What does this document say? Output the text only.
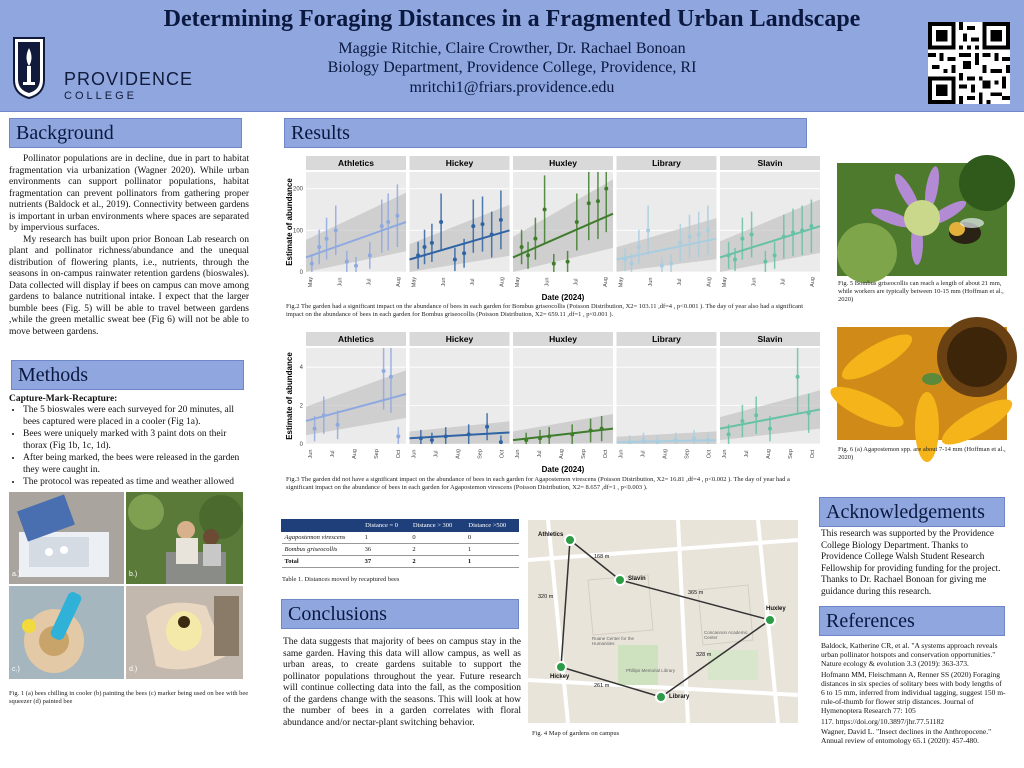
Determining Foraging Distances in a Fragmented Urban Landscape
Maggie Ritchie, Claire Crowther, Dr. Rachael Bonoan
Biology Department, Providence College, Providence, RI
mritchi1@friars.providence.edu
PROVIDENCE
COLLEGE
Background

Pollinator populations are in decline, due in part to habitat fragmentation via urbanization (Wagner 2020). While urban environments can support pollinator populations, habitat fragmentation can prevent pollinators from gathering proper nutrients (Baldock et al., 2019). Connectivity between gardens is important in urban environments where spaces are separated by impervious surfaces.

My research has built upon prior Bonoan Lab research on plant and pollinator richness/abundance and the unequal distribution of flowering plants, i.e., nutrients, through the seasons in on-campus rainwater retention gardens (bioswales). Data collected will display if bees on campus can move among gardens to balance nutritional intake. I expect that the larger bumble bees (Fig. 5) will be able to travel between gardens ,while the green metallic sweat bee (Fig 6) will not be able to move between gardens.

Methods
Capture-Mark-Recapture:
• The 5 bioswales were each surveyed for 20 minutes, all bees captured were placed in a cooler (Fig 1a).
• Bees were uniquely marked with 3 paint dots on their thorax (Fig 1b, 1c, 1d).
• After being marked, the bees were released in the garden they were caught in.
• The protocol was repeated as time and weather allowed
a.)	b.)
c.)	d.)
Fig. 1 (a) bees chilling in cooler (b) painting the bees (c) marker being used on bee with bee squeezer (d) painted bee
Results
Estimate of abundance
0
100
200
Athletics
May	Jun	Jul	Aug
Hickey
May	Jun	Jul	Aug
Huxley
May	Jun	Jul	Aug
Library
May	Jun	Jul	Aug
Slavin
May	Jun	Jul	Aug
Date (2024)
Fig.2 The garden had a significant impact on the abundance of bees in each garden for Bombus griseocollis (Poisson Distribution, X2= 103.11 ,df=4 , p<0.001 ). The day of year also had a significant impact on the abundance of bees in each garden for Bombus griseocollis (Poisson Distribution, X2= 659.11 ,df=1 , p<0.001 ).
Estimate of abundance
0
2
4
Athletics
Jun	Jul	Aug	Sep	Oct
Hickey
Jun	Jul	Aug	Sep	Oct
Huxley
Jun	Jul	Aug	Sep	Oct
Library
Jun	Jul	Aug	Sep	Oct
Slavin
Jun	Jul	Aug	Sep	Oct
Date (2024)
Fig.3 The garden did not have a significant impact on the abundance of bees in each garden for Agapostemon virescens (Poisson Distribution, X2= 16.81 ,df=4 , p<0.002 ). The day of year had a significant impact on the abundance of bees in each garden for Agapostemon virescens (Poisson Distribution, X2= 8.657 ,df=1 , p<0.003 ).
Fig. 5 Bombus griseocollis can reach a length of about 21 mm, while workers are typically between 10-15 mm (Hoffman et al., 2020)
Fig. 6 (a) Agapostemon spp. are about 7-14 mm (Hoffman et al., 2020)
	Distance = 0	Distance > 300	Distance >500
Agapostemon virescens	1	0	0
Bombus griseocollis	36	2	1
Total	37	2	1
Table 1. Distances moved by recaptured bees
Conclusions
The data suggests that majority of bees on campus stay in the same garden. Having this data will allow campus, as well as urban areas, to create gardens suitable to support the pollinator populations throughout the year. Future research will continue collecting data into the fall, as the composition of the gardens change with the seasons. This will look at how the number of bees in a garden correlates with floral abundance and/or nectar-plant switching behavior.
Athletics
Slavin
Hickey
Library
Huxley
168 m
320 m
365 m
328 m
261 m
Concannon Academic Center
Ruane Center for the Humanities
Phillips Memorial Library
Fig. 4 Map of gardens on campus
Acknowledgements
This research was supported by the Providence College Biology Department. Thanks to Providence College Walsh Student Research Fellowship for providing funding for the project. Thanks to Dr. Rachael Bonoan for giving me guidance during this research.
References

Baldock, Katherine CR, et al. "A systems approach reveals urban pollinator hotspots and conservation opportunities." Nature ecology & evolution 3.3 (2019): 363-373.

Hofmann MM, Fleischmann A, Renner SS (2020) Foraging distances in six species of solitary bees with body lengths of 6 to 15 mm, inferred from individual tagging, suggest 150 m-rule-of-thumb for flower strip distances. Journal of Hymenoptera Research 77: 105

117. https://doi.org/10.3897/jhr.77.51182

Wagner, David L. "Insect declines in the Anthropocene." Annual review of entomology 65.1 (2020): 457-480.
